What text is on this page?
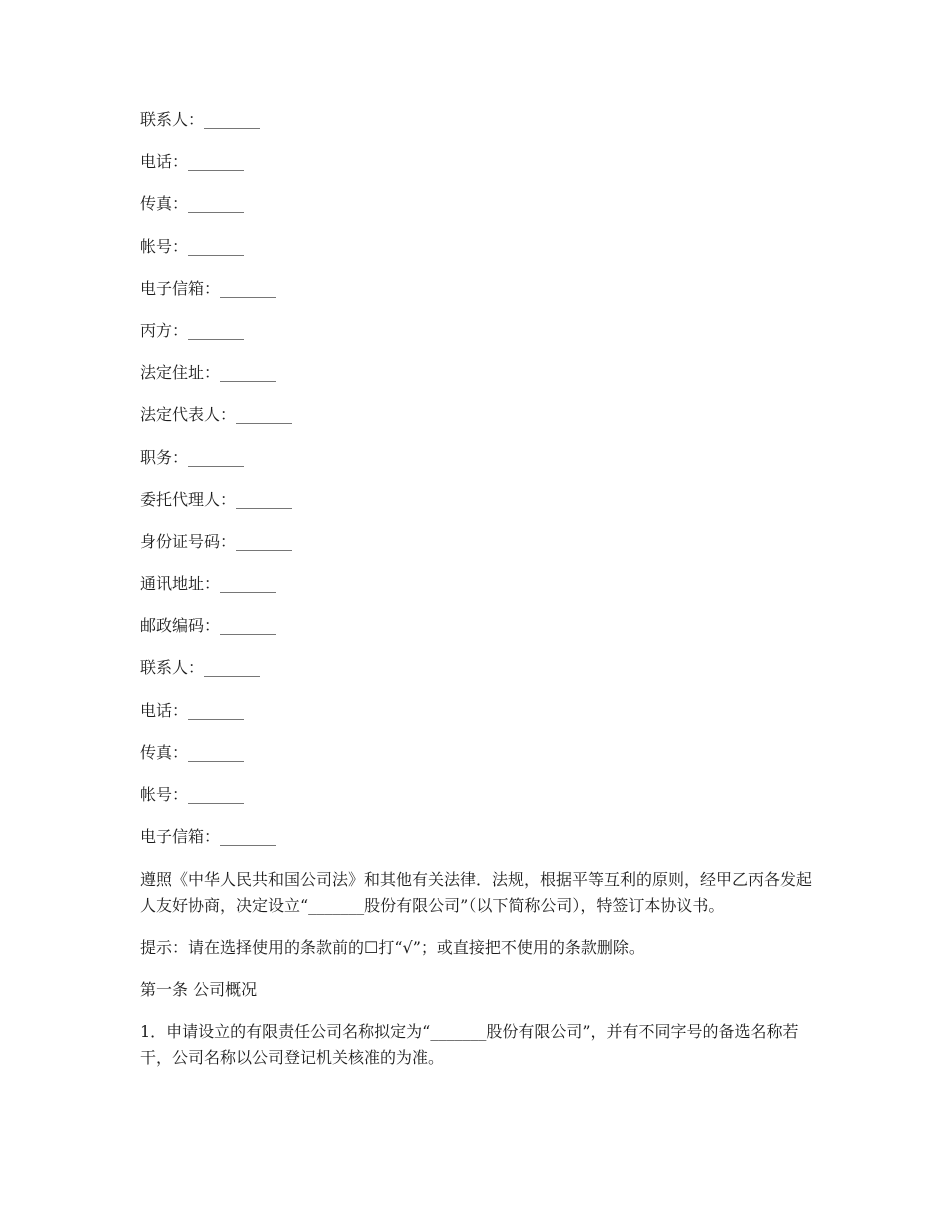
联系人：_______
电话：_______
传真：_______
帐号：_______
电子信箱：_______
丙方：_______
法定住址：_______
法定代表人：_______
职务：_______
委托代理人：_______
身份证号码：_______
通讯地址：_______
邮政编码：_______
联系人：_______
电话：_______
传真：_______
帐号：_______
电子信箱：_______

遵照《中华人民共和国公司法》和其他有关法律．法规，根据平等互利的原则，经甲乙丙各发起人友好协商，决定设立“_______股份有限公司”（以下简称公司），特签订本协议书。

提示：请在选择使用的条款前的☐打“√”；或直接把不使用的条款删除。

第一条 公司概况

1．申请设立的有限责任公司名称拟定为“_______股份有限公司”，并有不同字号的备选名称若干，公司名称以公司登记机关核准的为准。
